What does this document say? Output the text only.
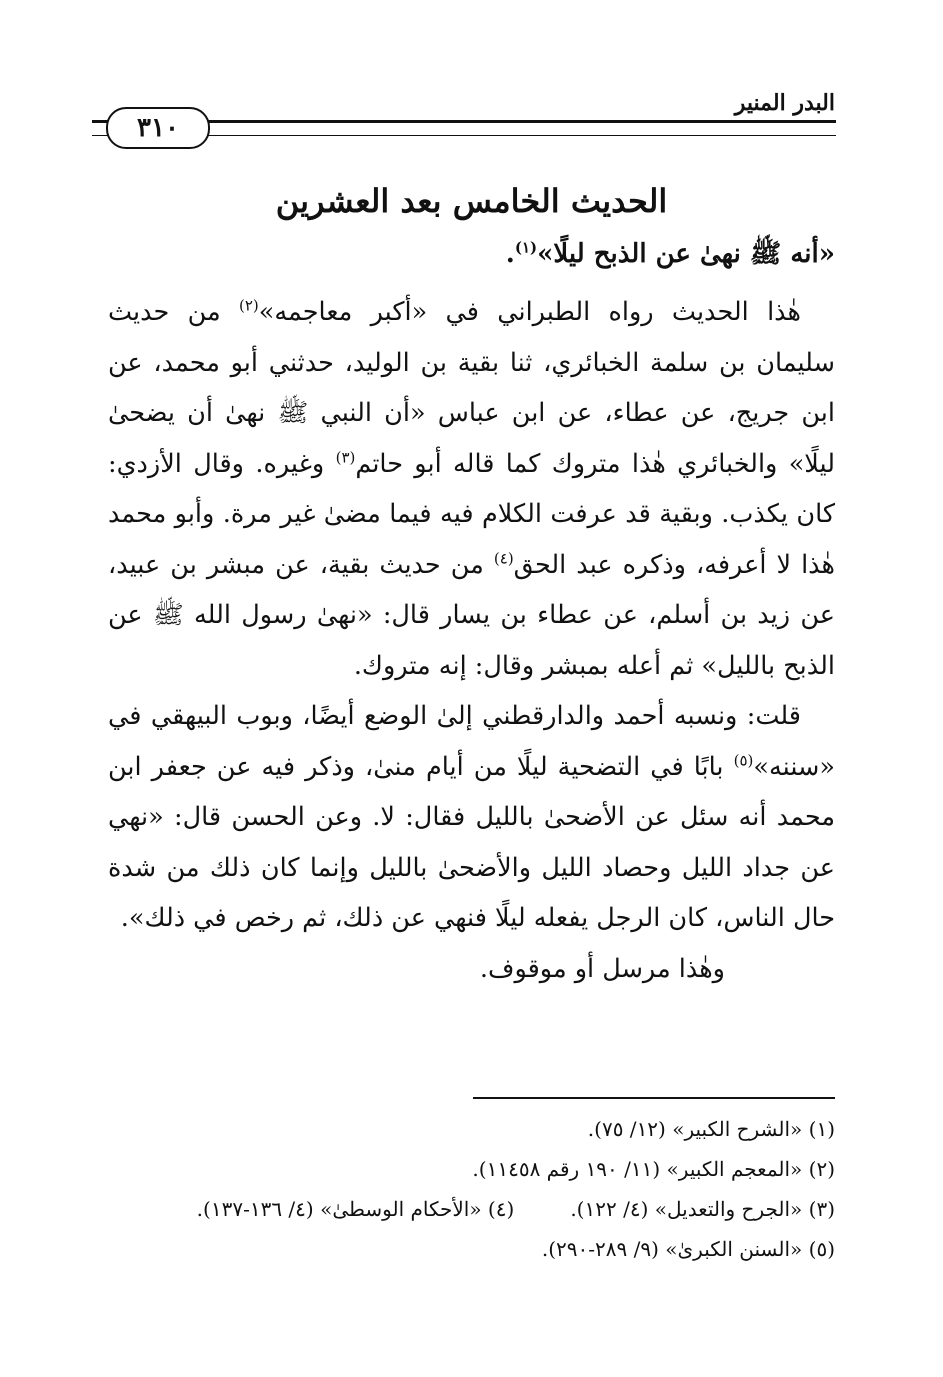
البدر المنير
٣١٠
الحديث الخامس بعد العشرين
«أنه ﷺ نهىٰ عن الذبح ليلًا»$^{(١)}$.

هٰذا الحديث رواه الطبراني في «أكبر معاجمه»$^{(٢)}$ من حديث سليمان بن سلمة الخبائري، ثنا بقية بن الوليد، حدثني أبو محمد، عن ابن جريج، عن عطاء، عن ابن عباس «أن النبي ﷺ نهىٰ أن يضحىٰ ليلًا» والخبائري هٰذا متروك كما قاله أبو حاتم$^{(٣)}$ وغيره. وقال الأزدي: كان يكذب. وبقية قد عرفت الكلام فيه فيما مضىٰ غير مرة. وأبو محمد هٰذا لا أعرفه، وذكره عبد الحق$^{(٤)}$ من حديث بقية، عن مبشر بن عبيد، عن زيد بن أسلم، عن عطاء بن يسار قال: «نهىٰ رسول الله ﷺ عن الذبح بالليل» ثم أعله بمبشر وقال: إنه متروك.

قلت: ونسبه أحمد والدارقطني إلىٰ الوضع أيضًا، وبوب البيهقي في «سننه»$^{(٥)}$ بابًا في التضحية ليلًا من أيام منىٰ، وذكر فيه عن جعفر ابن محمد أنه سئل عن الأضحىٰ بالليل فقال: لا. وعن الحسن قال: «نهي عن جداد الليل وحصاد الليل والأضحىٰ بالليل وإنما كان ذلك من شدة حال الناس، كان الرجل يفعله ليلًا فنهي عن ذلك، ثم رخص في ذلك».

وهٰذا مرسل أو موقوف.

(١) «الشرح الكبير» (١٢/ ٧٥).
(٢) «المعجم الكبير» (١١/ ١٩٠ رقم ١١٤٥٨).
(٣) «الجرح والتعديل» (٤/ ١٢٢).
(٤) «الأحكام الوسطىٰ» (٤/ ١٣٦-١٣٧).
(٥) «السنن الكبرىٰ» (٩/ ٢٨٩-٢٩٠).
